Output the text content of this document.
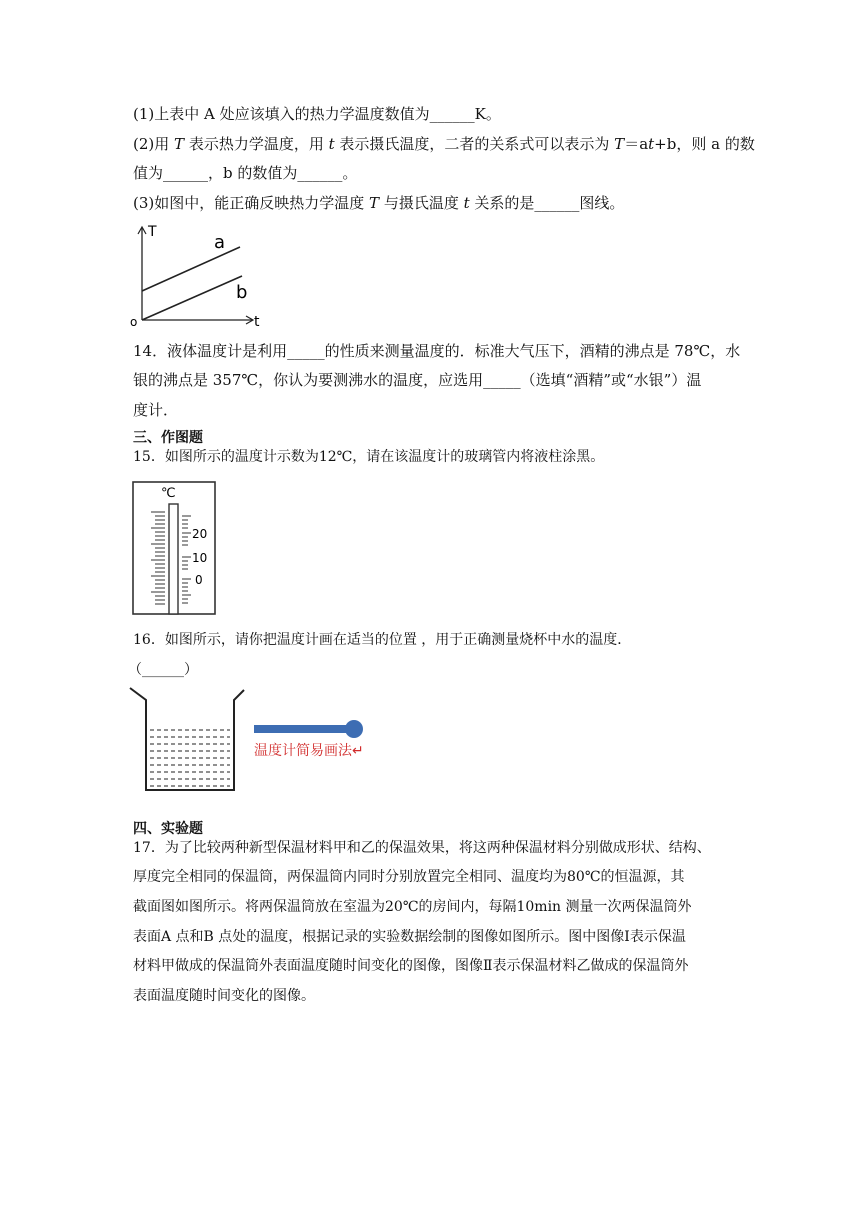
(1)上表中 A 处应该填入的热力学温度数值为______K。
(2)用 T 表示热力学温度，用 t 表示摄氏温度，二者的关系式可以表示为 T＝at+b，则 a 的数
值为______，b 的数值为______。
(3)如图中，能正确反映热力学温度 T 与摄氏温度 t 关系的是______图线。
T
t
o
a
b
14．液体温度计是利用_____的性质来测量温度的．标准大气压下，酒精的沸点是 78℃，水
银的沸点是 357℃，你认为要测沸水的温度，应选用_____（选填“酒精”或“水银”）温
度计．
三、作图题
15．如图所示的温度计示数为12℃，请在该温度计的玻璃管内将液柱涂黑。
℃
20
10
0
16．如图所示，请你把温度计画在适当的位置 ，用于正确测量烧杯中水的温度．
（______）
温度计简易画法↵
四、实验题
17．为了比较两种新型保温材料甲和乙的保温效果，将这两种保温材料分别做成形状、结构、
厚度完全相同的保温筒，两保温筒内同时分别放置完全相同、温度均为80℃的恒温源，其
截面图如图所示。将两保温筒放在室温为20℃的房间内，每隔10min 测量一次两保温筒外
表面A 点和B 点处的温度，根据记录的实验数据绘制的图像如图所示。图中图像Ⅰ表示保温
材料甲做成的保温筒外表面温度随时间变化的图像，图像Ⅱ表示保温材料乙做成的保温筒外
表面温度随时间变化的图像。
